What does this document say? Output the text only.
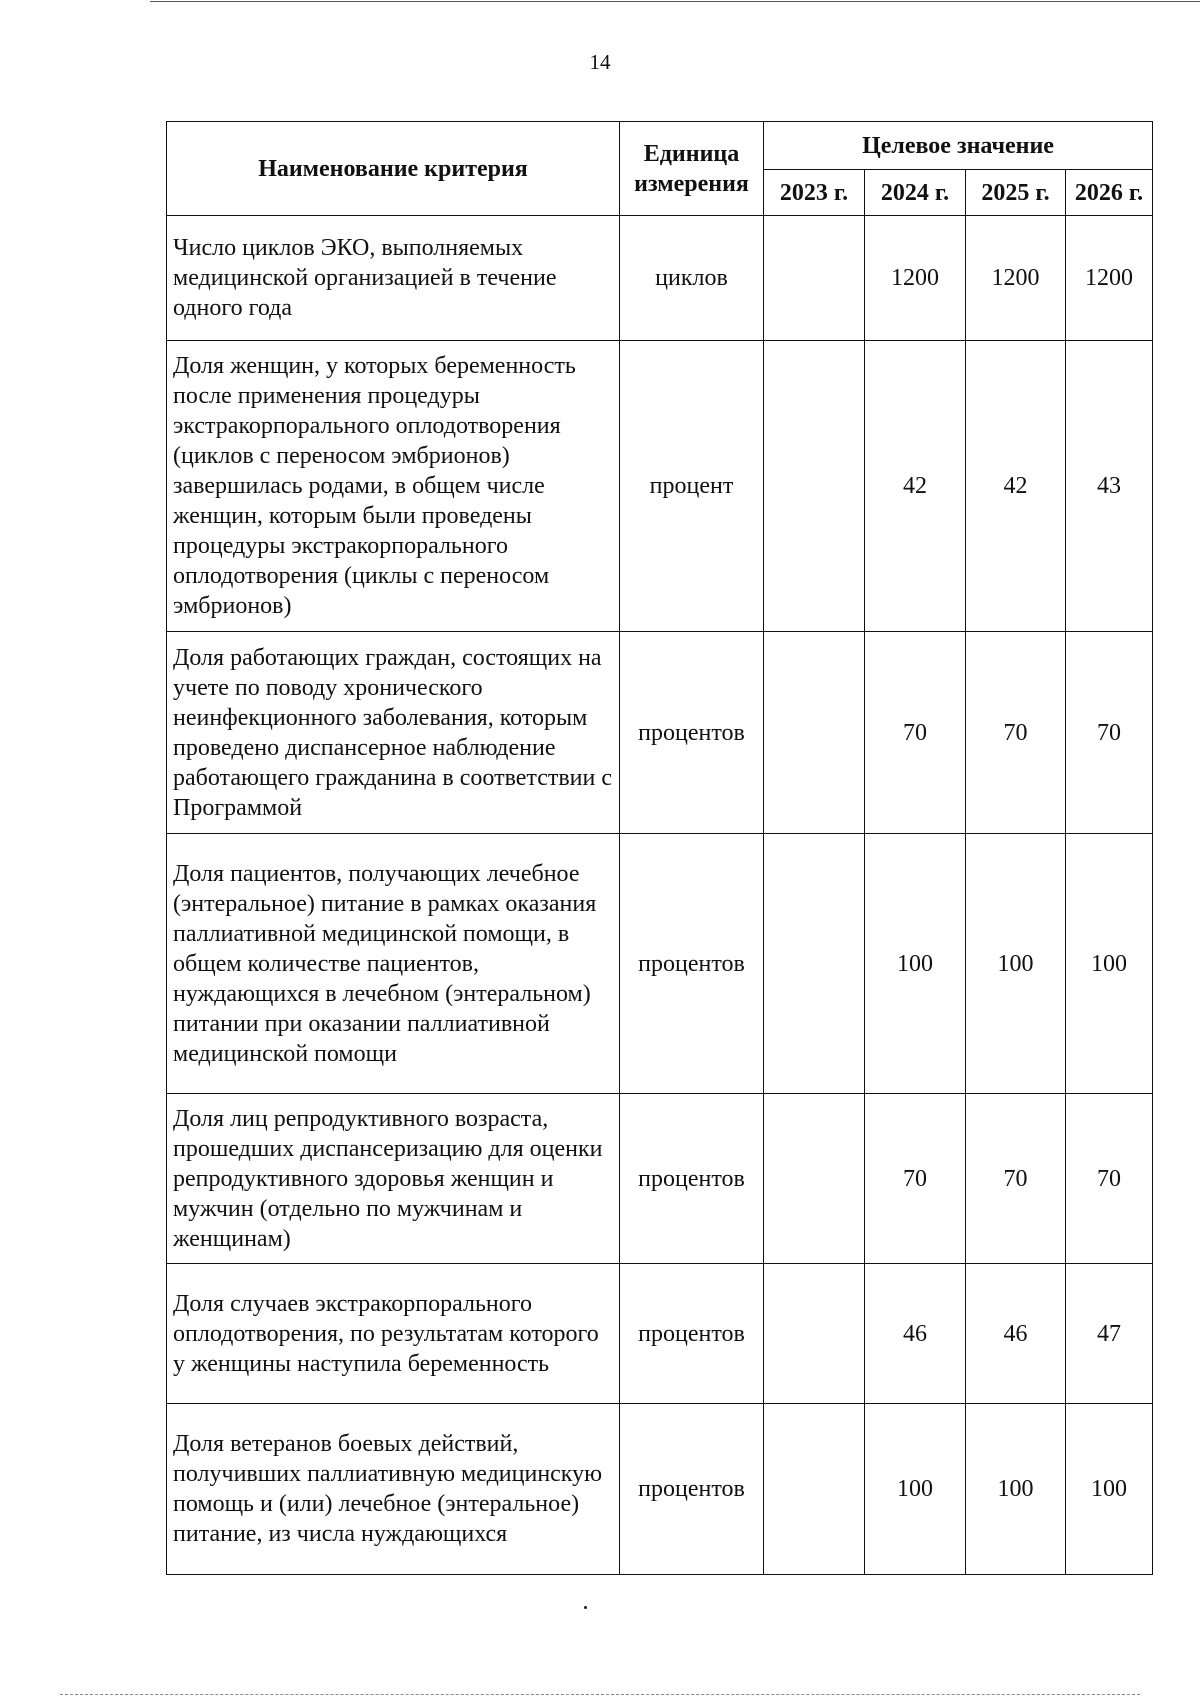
14
Наименование критерия	Единица измерения	Целевое значение			
		2023 г.	2024 г.	2025 г.	2026 г.
Число циклов ЭКО, выполняемых медицинской организацией в течение одного года	циклов		1200	1200	1200
Доля женщин, у которых беременность после применения процедуры экстракорпорального оплодотворения (циклов с переносом эмбрионов) завершилась родами, в общем числе женщин, которым были проведены процедуры экстракорпорального оплодотворения (циклы с переносом эмбрионов)	процент		42	42	43
Доля работающих граждан, состоящих на учете по поводу хронического неинфекционного заболевания, которым проведено диспансерное наблюдение работающего гражданина в соответствии с Программой	процентов		70	70	70
Доля пациентов, получающих лечебное (энтеральное) питание в рамках оказания паллиативной медицинской помощи, в общем количестве пациентов, нуждающихся в лечебном (энтеральном) питании при оказании паллиативной медицинской помощи	процентов		100	100	100
Доля лиц репродуктивного возраста, прошедших диспансеризацию для оценки репродуктивного здоровья женщин и мужчин (отдельно по мужчинам и женщинам)	процентов		70	70	70
Доля случаев экстракорпорального оплодотворения, по результатам которого у женщины наступила беременность	процентов		46	46	47
Доля ветеранов боевых действий, получивших паллиативную медицинскую помощь и (или) лечебное (энтеральное) питание, из числа нуждающихся	процентов		100	100	100
